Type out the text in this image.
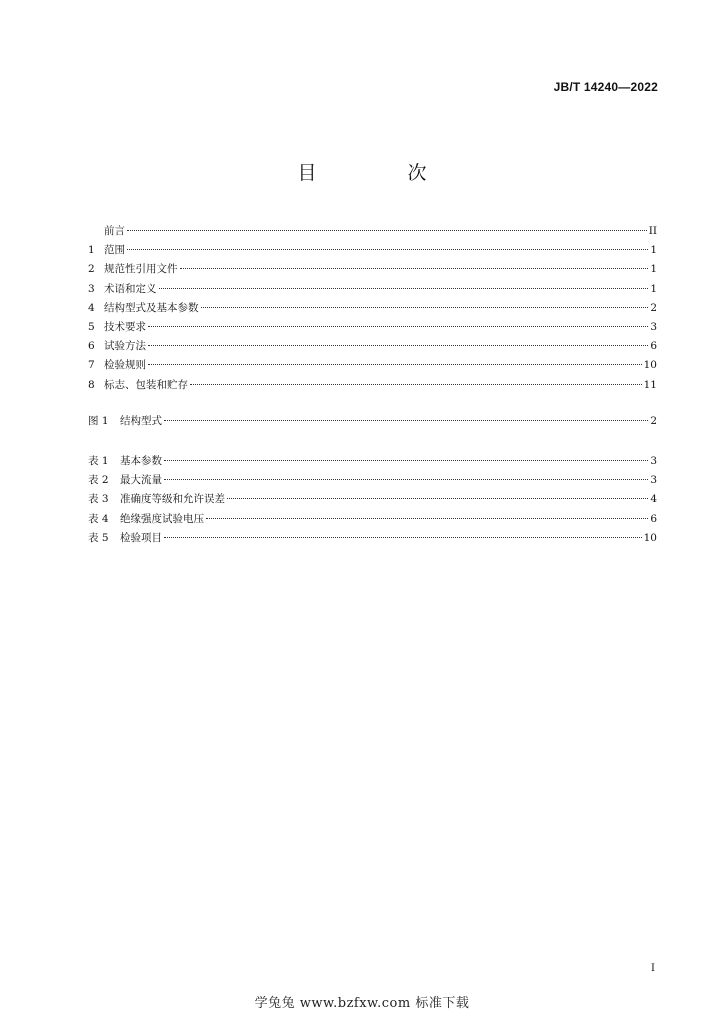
JB/T 14240—2022
目　次
前言	II
1 范围	1
2 规范性引用文件	1
3 术语和定义	1
4 结构型式及基本参数	2
5 技术要求	3
6 试验方法	6
7 检验规则	10
8 标志、包装和贮存	11
图 1	结构型式	2
表 1	基本参数	3
表 2	最大流量	3
表 3	准确度等级和允许误差	4
表 4	绝缘强度试验电压	6
表 5	检验项目	10
I
学兔兔 www.bzfxw.com 标准下载
